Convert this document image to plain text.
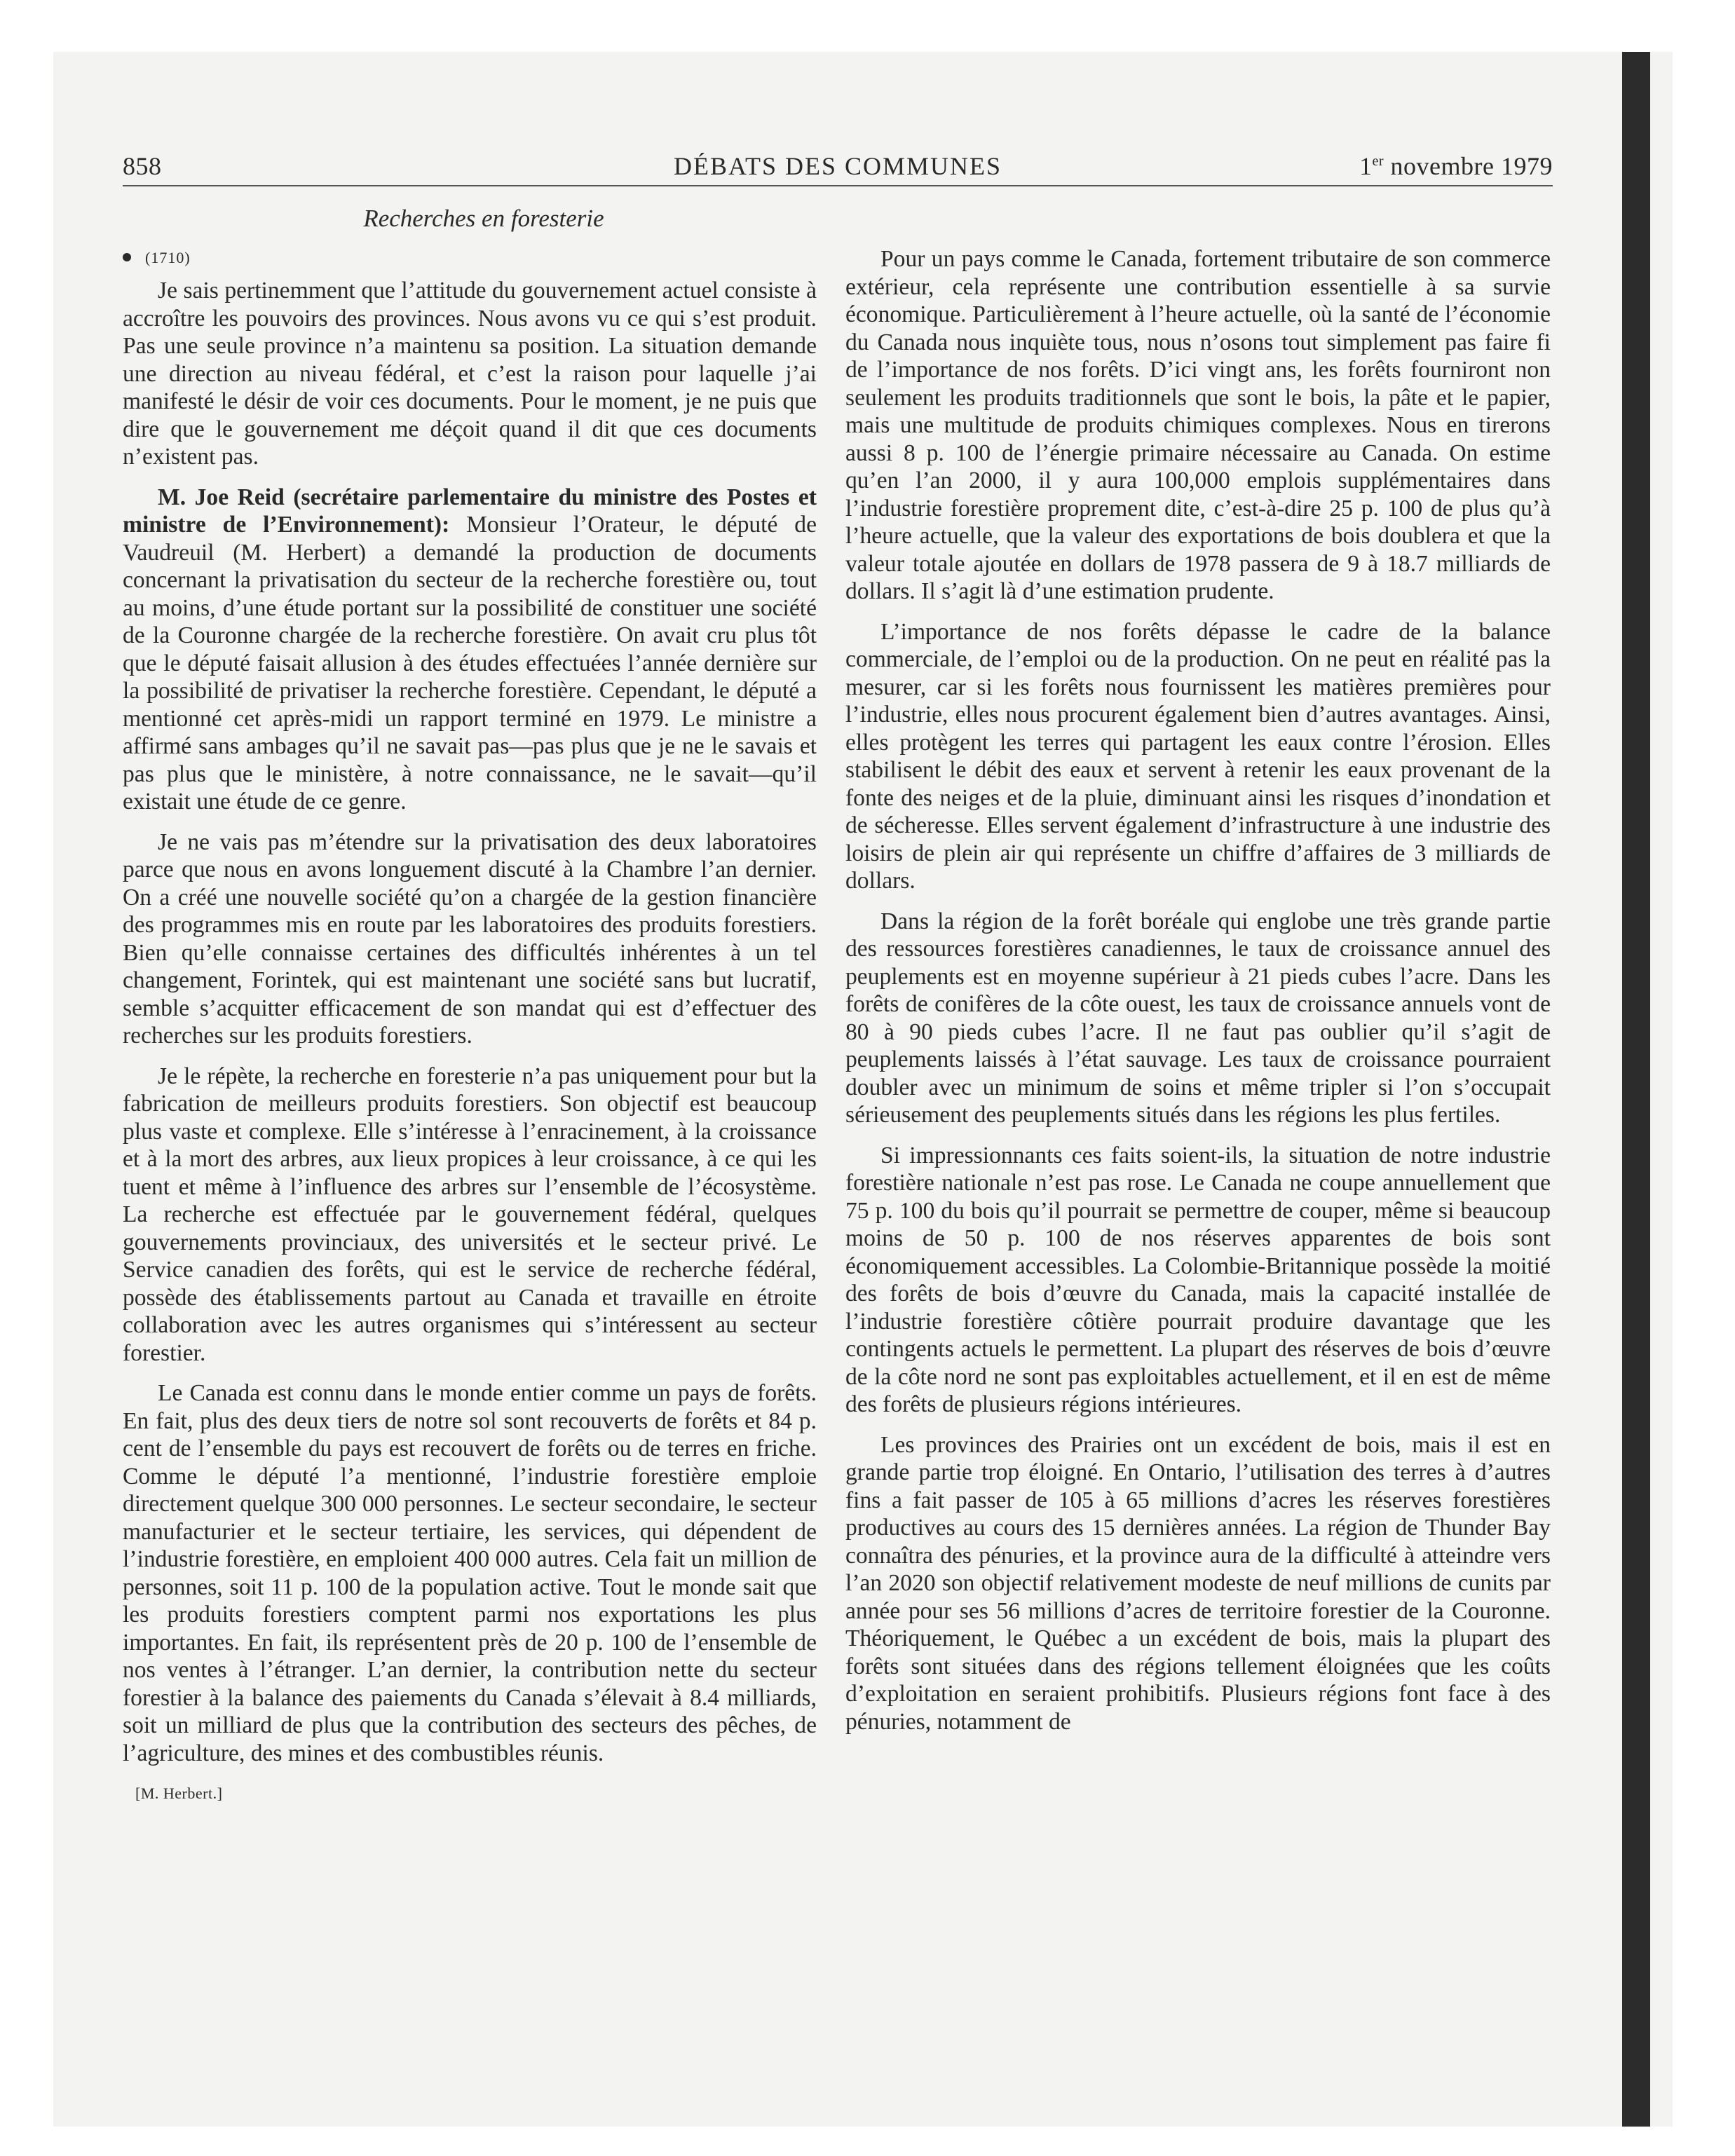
858	DÉBATS DES COMMUNES	1er novembre 1979
Recherches en foresterie
(1710)

Je sais pertinemment que l’attitude du gouvernement actuel consiste à accroître les pouvoirs des provinces. Nous avons vu ce qui s’est produit. Pas une seule province n’a maintenu sa position. La situation demande une direction au niveau fédéral, et c’est la raison pour laquelle j’ai manifesté le désir de voir ces documents. Pour le moment, je ne puis que dire que le gouvernement me déçoit quand il dit que ces documents n’existent pas.

M. Joe Reid (secrétaire parlementaire du ministre des Postes et ministre de l’Environnement): Monsieur l’Orateur, le député de Vaudreuil (M. Herbert) a demandé la production de documents concernant la privatisation du secteur de la recherche forestière ou, tout au moins, d’une étude portant sur la possibilité de constituer une société de la Couronne chargée de la recherche forestière. On avait cru plus tôt que le député faisait allusion à des études effectuées l’année dernière sur la possibilité de privatiser la recherche forestière. Cependant, le député a mentionné cet après-midi un rapport terminé en 1979. Le ministre a affirmé sans ambages qu’il ne savait pas—pas plus que je ne le savais et pas plus que le ministère, à notre connaissance, ne le savait—qu’il existait une étude de ce genre.

Je ne vais pas m’étendre sur la privatisation des deux laboratoires parce que nous en avons longuement discuté à la Chambre l’an dernier. On a créé une nouvelle société qu’on a chargée de la gestion financière des programmes mis en route par les laboratoires des produits forestiers. Bien qu’elle connaisse certaines des difficultés inhérentes à un tel changement, Forintek, qui est maintenant une société sans but lucratif, semble s’acquitter efficacement de son mandat qui est d’effectuer des recherches sur les produits forestiers.

Je le répète, la recherche en foresterie n’a pas uniquement pour but la fabrication de meilleurs produits forestiers. Son objectif est beaucoup plus vaste et complexe. Elle s’intéresse à l’enracinement, à la croissance et à la mort des arbres, aux lieux propices à leur croissance, à ce qui les tuent et même à l’influence des arbres sur l’ensemble de l’écosystème. La recherche est effectuée par le gouvernement fédéral, quelques gouvernements provinciaux, des universités et le secteur privé. Le Service canadien des forêts, qui est le service de recherche fédéral, possède des établissements partout au Canada et travaille en étroite collaboration avec les autres organismes qui s’intéressent au secteur forestier.

Le Canada est connu dans le monde entier comme un pays de forêts. En fait, plus des deux tiers de notre sol sont recouverts de forêts et 84 p. cent de l’ensemble du pays est recouvert de forêts ou de terres en friche. Comme le député l’a mentionné, l’industrie forestière emploie directement quelque 300 000 personnes. Le secteur secondaire, le secteur manufacturier et le secteur tertiaire, les services, qui dépendent de l’industrie forestière, en emploient 400 000 autres. Cela fait un million de personnes, soit 11 p. 100 de la population active. Tout le monde sait que les produits forestiers comptent parmi nos exportations les plus importantes. En fait, ils représentent près de 20 p. 100 de l’ensemble de nos ventes à l’étranger. L’an dernier, la contribution nette du secteur forestier à la balance des paiements du Canada s’élevait à 8.4 milliards, soit un milliard de plus que la contribution des secteurs des pêches, de l’agriculture, des mines et des combustibles réunis.

[M. Herbert.]

Pour un pays comme le Canada, fortement tributaire de son commerce extérieur, cela représente une contribution essentielle à sa survie économique. Particulièrement à l’heure actuelle, où la santé de l’économie du Canada nous inquiète tous, nous n’osons tout simplement pas faire fi de l’importance de nos forêts. D’ici vingt ans, les forêts fourniront non seulement les produits traditionnels que sont le bois, la pâte et le papier, mais une multitude de produits chimiques complexes. Nous en tirerons aussi 8 p. 100 de l’énergie primaire nécessaire au Canada. On estime qu’en l’an 2000, il y aura 100,000 emplois supplémentaires dans l’industrie forestière proprement dite, c’est-à-dire 25 p. 100 de plus qu’à l’heure actuelle, que la valeur des exportations de bois doublera et que la valeur totale ajoutée en dollars de 1978 passera de 9 à 18.7 milliards de dollars. Il s’agit là d’une estimation prudente.

L’importance de nos forêts dépasse le cadre de la balance commerciale, de l’emploi ou de la production. On ne peut en réalité pas la mesurer, car si les forêts nous fournissent les matières premières pour l’industrie, elles nous procurent également bien d’autres avantages. Ainsi, elles protègent les terres qui partagent les eaux contre l’érosion. Elles stabilisent le débit des eaux et servent à retenir les eaux provenant de la fonte des neiges et de la pluie, diminuant ainsi les risques d’inondation et de sécheresse. Elles servent également d’infrastructure à une industrie des loisirs de plein air qui représente un chiffre d’affaires de 3 milliards de dollars.

Dans la région de la forêt boréale qui englobe une très grande partie des ressources forestières canadiennes, le taux de croissance annuel des peuplements est en moyenne supérieur à 21 pieds cubes l’acre. Dans les forêts de conifères de la côte ouest, les taux de croissance annuels vont de 80 à 90 pieds cubes l’acre. Il ne faut pas oublier qu’il s’agit de peuplements laissés à l’état sauvage. Les taux de croissance pourraient doubler avec un minimum de soins et même tripler si l’on s’occupait sérieusement des peuplements situés dans les régions les plus fertiles.

Si impressionnants ces faits soient-ils, la situation de notre industrie forestière nationale n’est pas rose. Le Canada ne coupe annuellement que 75 p. 100 du bois qu’il pourrait se permettre de couper, même si beaucoup moins de 50 p. 100 de nos réserves apparentes de bois sont économiquement accessibles. La Colombie-Britannique possède la moitié des forêts de bois d’œuvre du Canada, mais la capacité installée de l’industrie forestière côtière pourrait produire davantage que les contingents actuels le permettent. La plupart des réserves de bois d’œuvre de la côte nord ne sont pas exploitables actuellement, et il en est de même des forêts de plusieurs régions intérieures.

Les provinces des Prairies ont un excédent de bois, mais il est en grande partie trop éloigné. En Ontario, l’utilisation des terres à d’autres fins a fait passer de 105 à 65 millions d’acres les réserves forestières productives au cours des 15 dernières années. La région de Thunder Bay connaîtra des pénuries, et la province aura de la difficulté à atteindre vers l’an 2020 son objectif relativement modeste de neuf millions de cunits par année pour ses 56 millions d’acres de territoire forestier de la Couronne. Théoriquement, le Québec a un excédent de bois, mais la plupart des forêts sont situées dans des régions tellement éloignées que les coûts d’exploitation en seraient prohibitifs. Plusieurs régions font face à des pénuries, notamment de
